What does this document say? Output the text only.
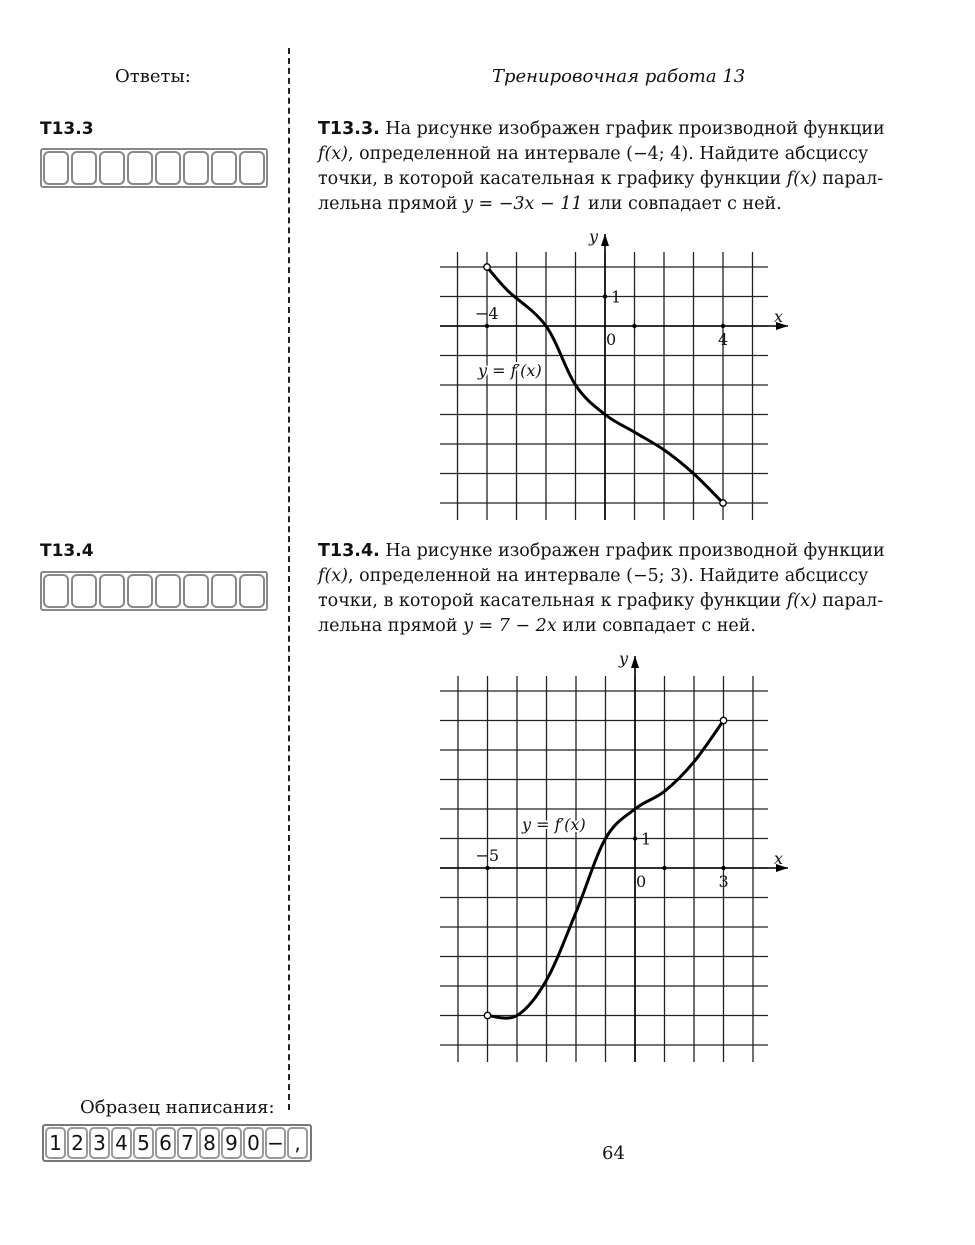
Ответы:	Тренировочная работа 13
T13.3	T13.3. На рисунке изображен график производной функции
f(x), определенной на интервале (−4; 4). Найдите абсциссу
точки, в которой касательная к графику функции f(x) парал-
лельна прямой y = −3x − 11 или совпадает с ней.
x
y
−4
4
0
1
y = f′(x)
T13.4	T13.4. На рисунке изображен график производной функции
f(x), определенной на интервале (−5; 3). Найдите абсциссу
точки, в которой касательная к графику функции f(x) парал-
лельна прямой y = 7 − 2x или совпадает с ней.
x
y
−5
3
0
1
y = f′(x)
Образец написания:
1 2 3 4 5 6 7 8 9 0 − ,	64
